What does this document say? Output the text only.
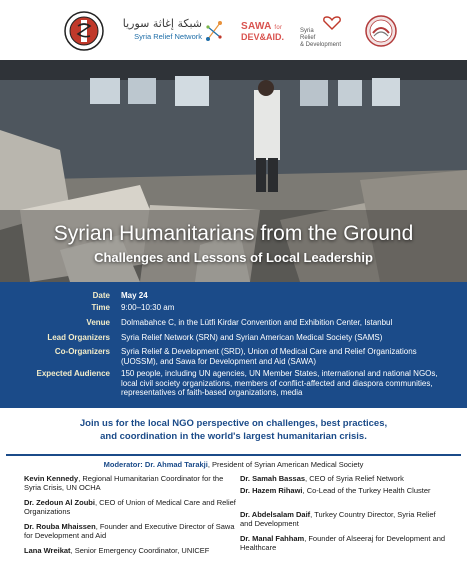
شبكة إغاثة سوريا
Syria Relief Network
SAWA for
DEV&AID.
Syria
Relief
& Development
Syrian Humanitarians from the Ground
Challenges and Lessons of Local Leadership
Date May 24
Time 9:00–10:30 am
Venue Dolmabahce C, in the Lütfi Kirdar Convention and Exhibition Center, Istanbul
Lead Organizers Syria Relief Network (SRN) and Syrian American Medical Society (SAMS)
Co-Organizers Syria Relief & Development (SRD), Union of Medical Care and Relief Organizations (UOSSM), and Sawa for Development and Aid (SAWA)
Expected Audience 150 people, including UN agencies, UN Member States, international and national NGOs, local civil society organizations, members of conflict-affected and diaspora communities, representatives of faith-based organizations, media
Join us for the local NGO perspective on challenges, best practices,
and coordination in the world's largest humanitarian crisis.
Moderator: Dr. Ahmad Tarakji, President of Syrian American Medical Society
Kevin Kennedy, Regional Humanitarian Coordinator for the Syria Crisis, UN OCHA
Dr. Zedoun Al Zoubi, CEO of Union of Medical Care and Relief Organizations
Dr. Rouba Mhaissen, Founder and Executive Director of Sawa for Development and Aid
Lana Wreikat, Senior Emergency Coordinator, UNICEF
Dr. Samah Bassas, CEO of Syria Relief Network
Dr. Hazem Rihawi, Co-Lead of the Turkey Health Cluster
Dr. Abdelsalam Daif, Turkey Country Director, Syria Relief and Development
Dr. Manal Fahham, Founder of Alseeraj for Development and Healthcare
